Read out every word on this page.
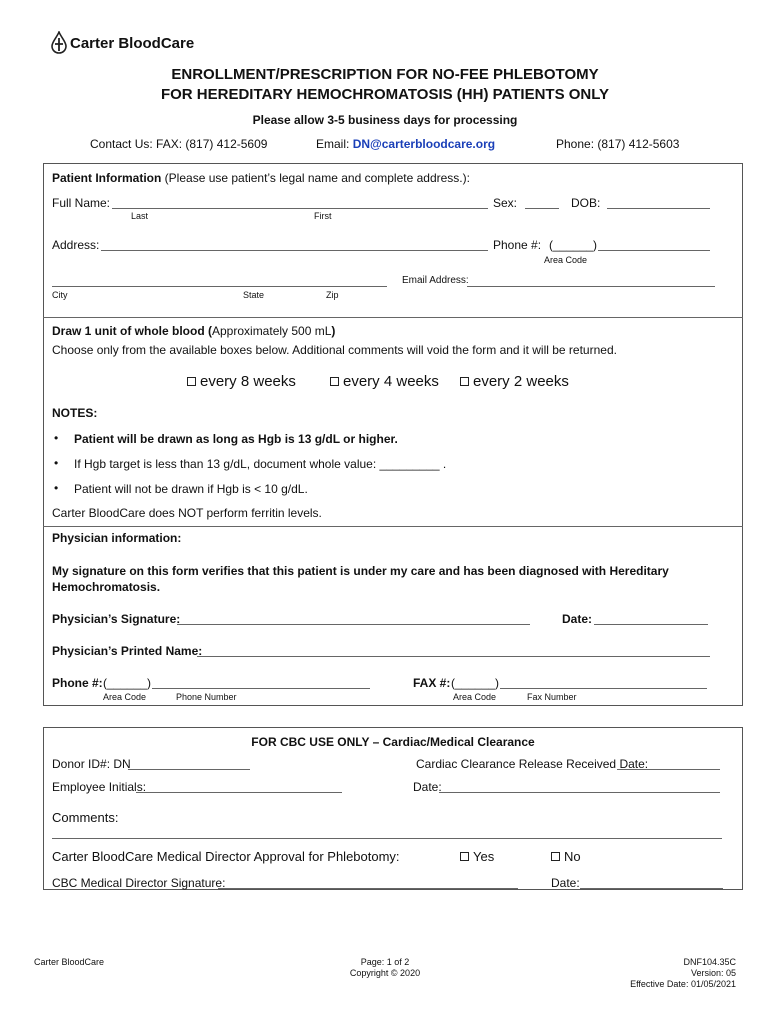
Carter BloodCare
ENROLLMENT/PRESCRIPTION FOR NO-FEE PHLEBOTOMY
FOR HEREDITARY HEMOCHROMATOSIS (HH) PATIENTS ONLY
Please allow 3-5 business days for processing
Contact Us: FAX: (817) 412-5609	Email: DN@carterbloodcare.org	Phone: (817) 412-5603
Patient Information (Please use patient’s legal name and complete address.):
Full Name:	Sex:	DOB:
Last	First
Address:	Phone #: (______)
Area Code
Email Address:
City	State	Zip
Draw 1 unit of whole blood (Approximately 500 mL)
Choose only from the available boxes below. Additional comments will void the form and it will be returned.
every 8 weeks	every 4 weeks	every 2 weeks
NOTES:
• Patient will be drawn as long as Hgb is 13 g/dL or higher.
• If Hgb target is less than 13 g/dL, document whole value: _________ .
• Patient will not be drawn if Hgb is < 10 g/dL.
Carter BloodCare does NOT perform ferritin levels.
Physician information:
My signature on this form verifies that this patient is under my care and has been diagnosed with Hereditary
Hemochromatosis.
Physician’s Signature:	Date:
Physician’s Printed Name:
Phone #: (______)	FAX #: (______)
Area Code	Phone Number	Area Code	Fax Number
FOR CBC USE ONLY – Cardiac/Medical Clearance
Donor ID#: DN	Cardiac Clearance Release Received Date:
Employee Initials:	Date:
Comments:
Carter BloodCare Medical Director Approval for Phlebotomy:	Yes	No
CBC Medical Director Signature:	Date:
Carter BloodCare	Page: 1 of 2
Copyright © 2020
DNF104.35C
Version: 05
Effective Date: 01/05/2021
